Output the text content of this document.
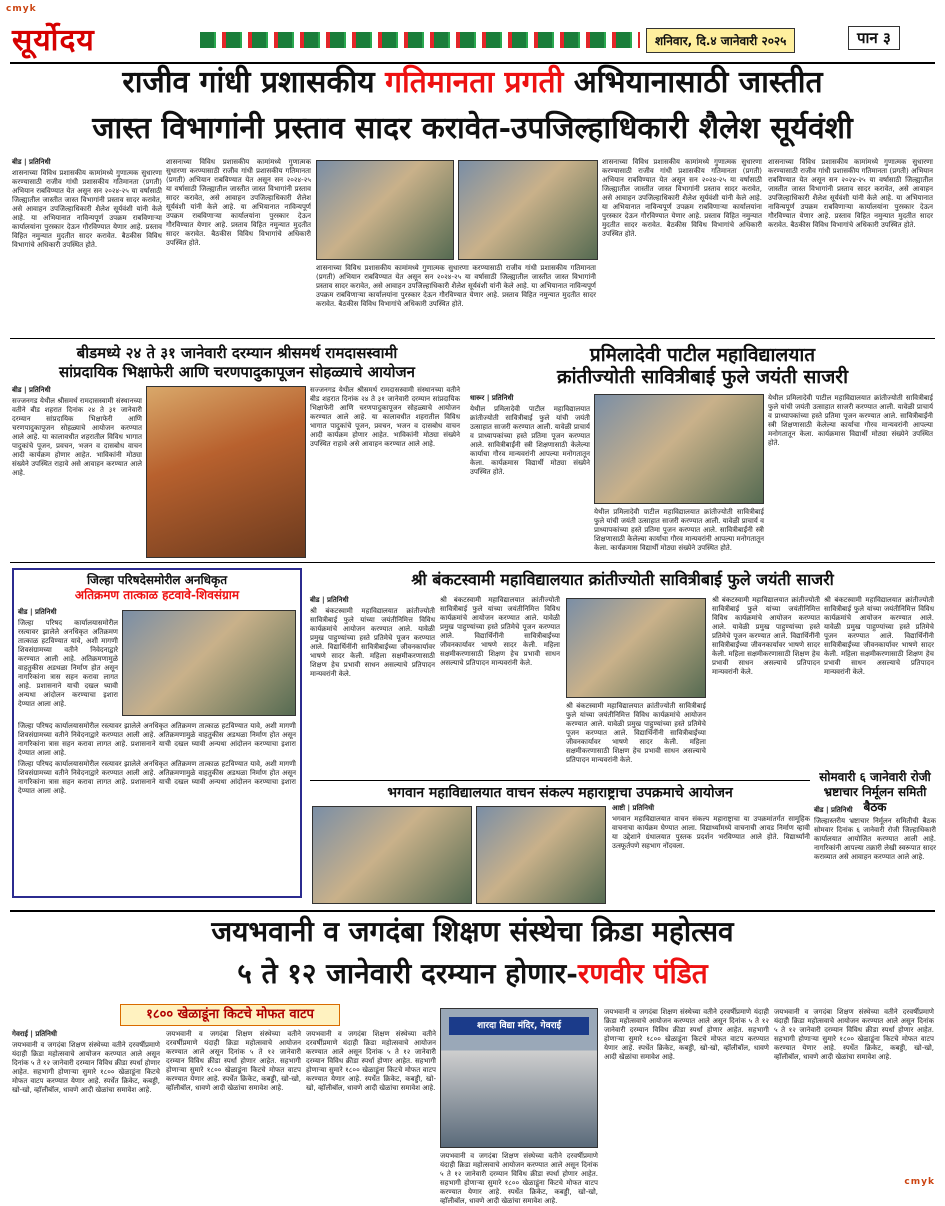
cmyk
cmyk
सूर्योदय	शनिवार, दि.४ जानेवारी २०२५	पान ३
राजीव गांधी प्रशासकीय गतिमानता प्रगती अभियानासाठी जास्तीत
जास्त विभागांनी प्रस्ताव सादर करावेत-उपजिल्हाधिकारी शैलेश सूर्यवंशी

बीड | प्रतिनिधी

शासनाच्या विविध प्रशासकीय कामांमध्ये गुणात्मक सुधारणा करण्यासाठी राजीव गांधी प्रशासकीय गतिमानता (प्रगती) अभियान राबविण्यात येत असून सन २०२४-२५ या वर्षासाठी जिल्ह्यातील जास्तीत जास्त विभागांनी प्रस्ताव सादर करावेत, असे आवाहन उपजिल्हाधिकारी शैलेश सूर्यवंशी यांनी केले आहे. या अभियानात नाविन्यपूर्ण उपक्रम राबविणाऱ्या कार्यालयांना पुरस्कार देऊन गौरविण्यात येणार आहे. प्रस्ताव विहित नमुन्यात मुदतीत सादर करावेत. बैठकीस विविध विभागांचे अधिकारी उपस्थित होते.

शासनाच्या विविध प्रशासकीय कामांमध्ये गुणात्मक सुधारणा करण्यासाठी राजीव गांधी प्रशासकीय गतिमानता (प्रगती) अभियान राबविण्यात येत असून सन २०२४-२५ या वर्षासाठी जिल्ह्यातील जास्तीत जास्त विभागांनी प्रस्ताव सादर करावेत, असे आवाहन उपजिल्हाधिकारी शैलेश सूर्यवंशी यांनी केले आहे. या अभियानात नाविन्यपूर्ण उपक्रम राबविणाऱ्या कार्यालयांना पुरस्कार देऊन गौरविण्यात येणार आहे. प्रस्ताव विहित नमुन्यात मुदतीत सादर करावेत. बैठकीस विविध विभागांचे अधिकारी उपस्थित होते.

शासनाच्या विविध प्रशासकीय कामांमध्ये गुणात्मक सुधारणा करण्यासाठी राजीव गांधी प्रशासकीय गतिमानता (प्रगती) अभियान राबविण्यात येत असून सन २०२४-२५ या वर्षासाठी जिल्ह्यातील जास्तीत जास्त विभागांनी प्रस्ताव सादर करावेत, असे आवाहन उपजिल्हाधिकारी शैलेश सूर्यवंशी यांनी केले आहे. या अभियानात नाविन्यपूर्ण उपक्रम राबविणाऱ्या कार्यालयांना पुरस्कार देऊन गौरविण्यात येणार आहे. प्रस्ताव विहित नमुन्यात मुदतीत सादर करावेत. बैठकीस विविध विभागांचे अधिकारी उपस्थित होते.

शासनाच्या विविध प्रशासकीय कामांमध्ये गुणात्मक सुधारणा करण्यासाठी राजीव गांधी प्रशासकीय गतिमानता (प्रगती) अभियान राबविण्यात येत असून सन २०२४-२५ या वर्षासाठी जिल्ह्यातील जास्तीत जास्त विभागांनी प्रस्ताव सादर करावेत, असे आवाहन उपजिल्हाधिकारी शैलेश सूर्यवंशी यांनी केले आहे. या अभियानात नाविन्यपूर्ण उपक्रम राबविणाऱ्या कार्यालयांना पुरस्कार देऊन गौरविण्यात येणार आहे. प्रस्ताव विहित नमुन्यात मुदतीत सादर करावेत. बैठकीस विविध विभागांचे अधिकारी उपस्थित होते.

शासनाच्या विविध प्रशासकीय कामांमध्ये गुणात्मक सुधारणा करण्यासाठी राजीव गांधी प्रशासकीय गतिमानता (प्रगती) अभियान राबविण्यात येत असून सन २०२४-२५ या वर्षासाठी जिल्ह्यातील जास्तीत जास्त विभागांनी प्रस्ताव सादर करावेत, असे आवाहन उपजिल्हाधिकारी शैलेश सूर्यवंशी यांनी केले आहे. या अभियानात नाविन्यपूर्ण उपक्रम राबविणाऱ्या कार्यालयांना पुरस्कार देऊन गौरविण्यात येणार आहे. प्रस्ताव विहित नमुन्यात मुदतीत सादर करावेत. बैठकीस विविध विभागांचे अधिकारी उपस्थित होते.

बीडमध्ये २४ ते ३१ जानेवारी दरम्यान श्रीसमर्थ रामदासस्वामी
सांप्रदायिक भिक्षाफेरी आणि चरणपादुकापूजन सोहळ्याचे आयोजन

बीड | प्रतिनिधी

सज्जनगड येथील श्रीसमर्थ रामदासस्वामी संस्थानच्या वतीने बीड शहरात दिनांक २४ ते ३१ जानेवारी दरम्यान सांप्रदायिक भिक्षाफेरी आणि चरणपादुकापूजन सोहळ्याचे आयोजन करण्यात आले आहे. या कालावधीत शहरातील विविध भागात पादुकांचे पूजन, प्रवचन, भजन व दासबोध वाचन आदी कार्यक्रम होणार आहेत. भाविकांनी मोठ्या संख्येने उपस्थित राहावे असे आवाहन करण्यात आले आहे.

सज्जनगड येथील श्रीसमर्थ रामदासस्वामी संस्थानच्या वतीने बीड शहरात दिनांक २४ ते ३१ जानेवारी दरम्यान सांप्रदायिक भिक्षाफेरी आणि चरणपादुकापूजन सोहळ्याचे आयोजन करण्यात आले आहे. या कालावधीत शहरातील विविध भागात पादुकांचे पूजन, प्रवचन, भजन व दासबोध वाचन आदी कार्यक्रम होणार आहेत. भाविकांनी मोठ्या संख्येने उपस्थित राहावे असे आवाहन करण्यात आले आहे.

प्रमिलादेवी पाटील महाविद्यालयात
क्रांतीज्योती सावित्रीबाई फुले जयंती साजरी

धारूर | प्रतिनिधी

येथील प्रमिलादेवी पाटील महाविद्यालयात क्रांतीज्योती सावित्रीबाई फुले यांची जयंती उत्साहात साजरी करण्यात आली. यावेळी प्राचार्य व प्राध्यापकांच्या हस्ते प्रतिमा पूजन करण्यात आले. सावित्रीबाईंनी स्त्री शिक्षणासाठी केलेल्या कार्याचा गौरव मान्यवरांनी आपल्या मनोगतातून केला. कार्यक्रमास विद्यार्थी मोठ्या संख्येने उपस्थित होते.

येथील प्रमिलादेवी पाटील महाविद्यालयात क्रांतीज्योती सावित्रीबाई फुले यांची जयंती उत्साहात साजरी करण्यात आली. यावेळी प्राचार्य व प्राध्यापकांच्या हस्ते प्रतिमा पूजन करण्यात आले. सावित्रीबाईंनी स्त्री शिक्षणासाठी केलेल्या कार्याचा गौरव मान्यवरांनी आपल्या मनोगतातून केला. कार्यक्रमास विद्यार्थी मोठ्या संख्येने उपस्थित होते.

येथील प्रमिलादेवी पाटील महाविद्यालयात क्रांतीज्योती सावित्रीबाई फुले यांची जयंती उत्साहात साजरी करण्यात आली. यावेळी प्राचार्य व प्राध्यापकांच्या हस्ते प्रतिमा पूजन करण्यात आले. सावित्रीबाईंनी स्त्री शिक्षणासाठी केलेल्या कार्याचा गौरव मान्यवरांनी आपल्या मनोगतातून केला. कार्यक्रमास विद्यार्थी मोठ्या संख्येने उपस्थित होते.

जिल्हा परिषदेसमोरील अनधिकृत
अतिक्रमण तात्काळ हटवावे-शिवसंग्राम

बीड | प्रतिनिधी

जिल्हा परिषद कार्यालयासमोरील रस्त्यावर झालेले अनधिकृत अतिक्रमण तात्काळ हटविण्यात यावे, अशी मागणी शिवसंग्रामच्या वतीने निवेदनाद्वारे करण्यात आली आहे. अतिक्रमणामुळे वाहतुकीस अडथळा निर्माण होत असून नागरिकांना त्रास सहन करावा लागत आहे. प्रशासनाने याची दखल घ्यावी अन्यथा आंदोलन करण्याचा इशारा देण्यात आला आहे.

जिल्हा परिषद कार्यालयासमोरील रस्त्यावर झालेले अनधिकृत अतिक्रमण तात्काळ हटविण्यात यावे, अशी मागणी शिवसंग्रामच्या वतीने निवेदनाद्वारे करण्यात आली आहे. अतिक्रमणामुळे वाहतुकीस अडथळा निर्माण होत असून नागरिकांना त्रास सहन करावा लागत आहे. प्रशासनाने याची दखल घ्यावी अन्यथा आंदोलन करण्याचा इशारा देण्यात आला आहे.

जिल्हा परिषद कार्यालयासमोरील रस्त्यावर झालेले अनधिकृत अतिक्रमण तात्काळ हटविण्यात यावे, अशी मागणी शिवसंग्रामच्या वतीने निवेदनाद्वारे करण्यात आली आहे. अतिक्रमणामुळे वाहतुकीस अडथळा निर्माण होत असून नागरिकांना त्रास सहन करावा लागत आहे. प्रशासनाने याची दखल घ्यावी अन्यथा आंदोलन करण्याचा इशारा देण्यात आला आहे.

श्री बंकटस्वामी महाविद्यालयात क्रांतीज्योती सावित्रीबाई फुले जयंती साजरी

बीड | प्रतिनिधी

श्री बंकटस्वामी महाविद्यालयात क्रांतीज्योती सावित्रीबाई फुले यांच्या जयंतीनिमित्त विविध कार्यक्रमांचे आयोजन करण्यात आले. यावेळी प्रमुख पाहुण्यांच्या हस्ते प्रतिमेचे पूजन करण्यात आले. विद्यार्थिनींनी सावित्रीबाईंच्या जीवनकार्यावर भाषणे सादर केली. महिला सक्षमीकरणासाठी शिक्षण हेच प्रभावी साधन असल्याचे प्रतिपादन मान्यवरांनी केले.

श्री बंकटस्वामी महाविद्यालयात क्रांतीज्योती सावित्रीबाई फुले यांच्या जयंतीनिमित्त विविध कार्यक्रमांचे आयोजन करण्यात आले. यावेळी प्रमुख पाहुण्यांच्या हस्ते प्रतिमेचे पूजन करण्यात आले. विद्यार्थिनींनी सावित्रीबाईंच्या जीवनकार्यावर भाषणे सादर केली. महिला सक्षमीकरणासाठी शिक्षण हेच प्रभावी साधन असल्याचे प्रतिपादन मान्यवरांनी केले.

श्री बंकटस्वामी महाविद्यालयात क्रांतीज्योती सावित्रीबाई फुले यांच्या जयंतीनिमित्त विविध कार्यक्रमांचे आयोजन करण्यात आले. यावेळी प्रमुख पाहुण्यांच्या हस्ते प्रतिमेचे पूजन करण्यात आले. विद्यार्थिनींनी सावित्रीबाईंच्या जीवनकार्यावर भाषणे सादर केली. महिला सक्षमीकरणासाठी शिक्षण हेच प्रभावी साधन असल्याचे प्रतिपादन मान्यवरांनी केले.

श्री बंकटस्वामी महाविद्यालयात क्रांतीज्योती सावित्रीबाई फुले यांच्या जयंतीनिमित्त विविध कार्यक्रमांचे आयोजन करण्यात आले. यावेळी प्रमुख पाहुण्यांच्या हस्ते प्रतिमेचे पूजन करण्यात आले. विद्यार्थिनींनी सावित्रीबाईंच्या जीवनकार्यावर भाषणे सादर केली. महिला सक्षमीकरणासाठी शिक्षण हेच प्रभावी साधन असल्याचे प्रतिपादन मान्यवरांनी केले.

श्री बंकटस्वामी महाविद्यालयात क्रांतीज्योती सावित्रीबाई फुले यांच्या जयंतीनिमित्त विविध कार्यक्रमांचे आयोजन करण्यात आले. यावेळी प्रमुख पाहुण्यांच्या हस्ते प्रतिमेचे पूजन करण्यात आले. विद्यार्थिनींनी सावित्रीबाईंच्या जीवनकार्यावर भाषणे सादर केली. महिला सक्षमीकरणासाठी शिक्षण हेच प्रभावी साधन असल्याचे प्रतिपादन मान्यवरांनी केले.

भगवान महाविद्यालयात वाचन संकल्प महाराष्ट्राचा उपक्रमाचे आयोजन

आष्टी | प्रतिनिधी

भगवान महाविद्यालयात वाचन संकल्प महाराष्ट्राचा या उपक्रमांतर्गत सामूहिक वाचनाचा कार्यक्रम घेण्यात आला. विद्यार्थ्यांमध्ये वाचनाची आवड निर्माण व्हावी या उद्देशाने ग्रंथालयात पुस्तक प्रदर्शन भरविण्यात आले होते. विद्यार्थ्यांनी उत्स्फूर्तपणे सहभाग नोंदवला.

सोमवारी ६ जानेवारी रोजी
भ्रष्टाचार निर्मूलन समिती बैठक

बीड | प्रतिनिधी

जिल्हास्तरीय भ्रष्टाचार निर्मूलन समितीची बैठक सोमवार दिनांक ६ जानेवारी रोजी जिल्हाधिकारी कार्यालयात आयोजित करण्यात आली आहे. नागरिकांनी आपल्या तक्रारी लेखी स्वरूपात सादर कराव्यात असे आवाहन करण्यात आले आहे.

जयभवानी व जगदंबा शिक्षण संस्थेचा क्रिडा महोत्सव
५ ते १२ जानेवारी दरम्यान होणार-रणवीर पंडित
१८०० खेळाडूंना किटचे मोफत वाटप

गेवराई | प्रतिनिधी

जयभवानी व जगदंबा शिक्षण संस्थेच्या वतीने दरवर्षीप्रमाणे यंदाही क्रिडा महोत्सवाचे आयोजन करण्यात आले असून दिनांक ५ ते १२ जानेवारी दरम्यान विविध क्रीडा स्पर्धा होणार आहेत. सहभागी होणाऱ्या सुमारे १८०० खेळाडूंना किटचे मोफत वाटप करण्यात येणार आहे. स्पर्धेत क्रिकेट, कबड्डी, खो-खो, व्हॉलीबॉल, धावणे आदी खेळांचा समावेश आहे.

जयभवानी व जगदंबा शिक्षण संस्थेच्या वतीने दरवर्षीप्रमाणे यंदाही क्रिडा महोत्सवाचे आयोजन करण्यात आले असून दिनांक ५ ते १२ जानेवारी दरम्यान विविध क्रीडा स्पर्धा होणार आहेत. सहभागी होणाऱ्या सुमारे १८०० खेळाडूंना किटचे मोफत वाटप करण्यात येणार आहे. स्पर्धेत क्रिकेट, कबड्डी, खो-खो, व्हॉलीबॉल, धावणे आदी खेळांचा समावेश आहे.

जयभवानी व जगदंबा शिक्षण संस्थेच्या वतीने दरवर्षीप्रमाणे यंदाही क्रिडा महोत्सवाचे आयोजन करण्यात आले असून दिनांक ५ ते १२ जानेवारी दरम्यान विविध क्रीडा स्पर्धा होणार आहेत. सहभागी होणाऱ्या सुमारे १८०० खेळाडूंना किटचे मोफत वाटप करण्यात येणार आहे. स्पर्धेत क्रिकेट, कबड्डी, खो-खो, व्हॉलीबॉल, धावणे आदी खेळांचा समावेश आहे.

शारदा विद्या मंदिर, गेवराई

जयभवानी व जगदंबा शिक्षण संस्थेच्या वतीने दरवर्षीप्रमाणे यंदाही क्रिडा महोत्सवाचे आयोजन करण्यात आले असून दिनांक ५ ते १२ जानेवारी दरम्यान विविध क्रीडा स्पर्धा होणार आहेत. सहभागी होणाऱ्या सुमारे १८०० खेळाडूंना किटचे मोफत वाटप करण्यात येणार आहे. स्पर्धेत क्रिकेट, कबड्डी, खो-खो, व्हॉलीबॉल, धावणे आदी खेळांचा समावेश आहे.

जयभवानी व जगदंबा शिक्षण संस्थेच्या वतीने दरवर्षीप्रमाणे यंदाही क्रिडा महोत्सवाचे आयोजन करण्यात आले असून दिनांक ५ ते १२ जानेवारी दरम्यान विविध क्रीडा स्पर्धा होणार आहेत. सहभागी होणाऱ्या सुमारे १८०० खेळाडूंना किटचे मोफत वाटप करण्यात येणार आहे. स्पर्धेत क्रिकेट, कबड्डी, खो-खो, व्हॉलीबॉल, धावणे आदी खेळांचा समावेश आहे.

जयभवानी व जगदंबा शिक्षण संस्थेच्या वतीने दरवर्षीप्रमाणे यंदाही क्रिडा महोत्सवाचे आयोजन करण्यात आले असून दिनांक ५ ते १२ जानेवारी दरम्यान विविध क्रीडा स्पर्धा होणार आहेत. सहभागी होणाऱ्या सुमारे १८०० खेळाडूंना किटचे मोफत वाटप करण्यात येणार आहे. स्पर्धेत क्रिकेट, कबड्डी, खो-खो, व्हॉलीबॉल, धावणे आदी खेळांचा समावेश आहे.
